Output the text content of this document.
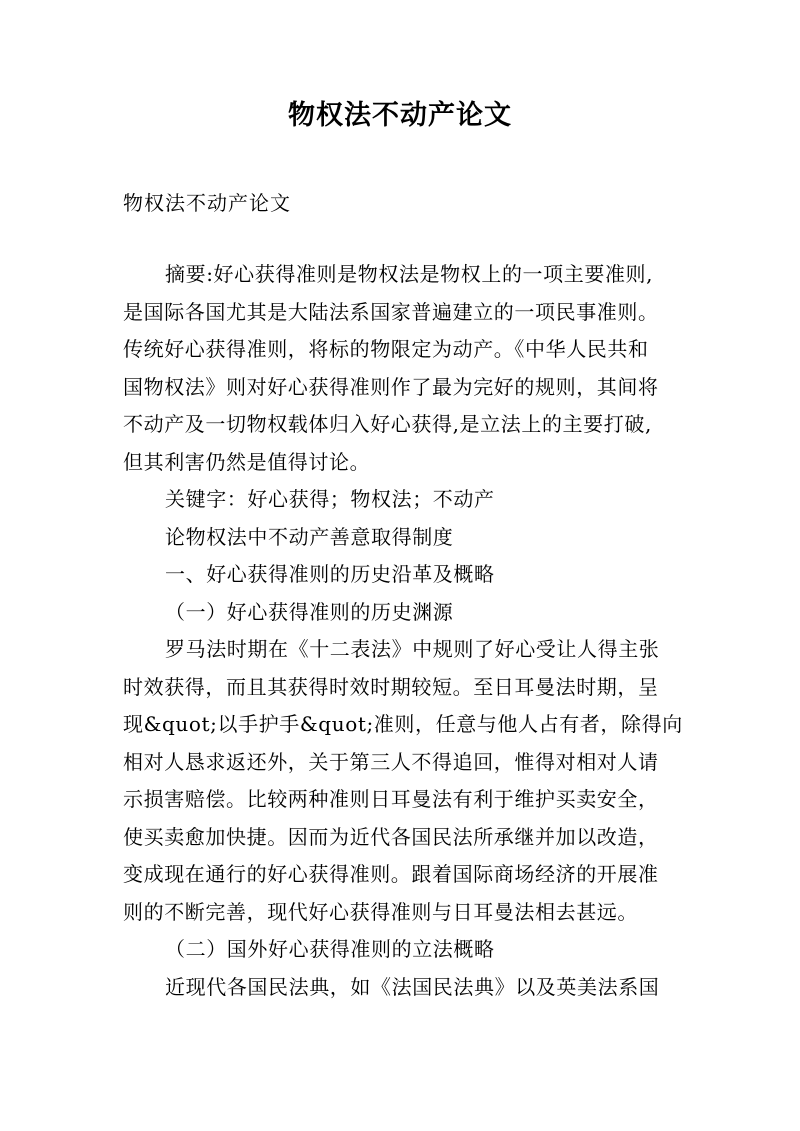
物权法不动产论文
物权法不动产论文
摘要:好心获得准则是物权法是物权上的一项主要准则,
是国际各国尤其是大陆法系国家普遍建立的一项民事准则。
传统好心获得准则，将标的物限定为动产。《中华人民共和
国物权法》则对好心获得准则作了最为完好的规则，其间将
不动产及一切物权载体归入好心获得,是立法上的主要打破,
但其利害仍然是值得讨论。
关键字：好心获得；物权法；不动产
论物权法中不动产善意取得制度
一、好心获得准则的历史沿革及概略
（一）好心获得准则的历史渊源
罗马法时期在《十二表法》中规则了好心受让人得主张
时效获得，而且其获得时效时期较短。至日耳曼法时期，呈
现&quot;以手护手&quot;准则，任意与他人占有者，除得向
相对人恳求返还外，关于第三人不得追回，惟得对相对人请
示损害赔偿。比较两种准则日耳曼法有利于维护买卖安全，
使买卖愈加快捷。因而为近代各国民法所承继并加以改造，
变成现在通行的好心获得准则。跟着国际商场经济的开展准
则的不断完善，现代好心获得准则与日耳曼法相去甚远。
（二）国外好心获得准则的立法概略
近现代各国民法典，如《法国民法典》以及英美法系国
